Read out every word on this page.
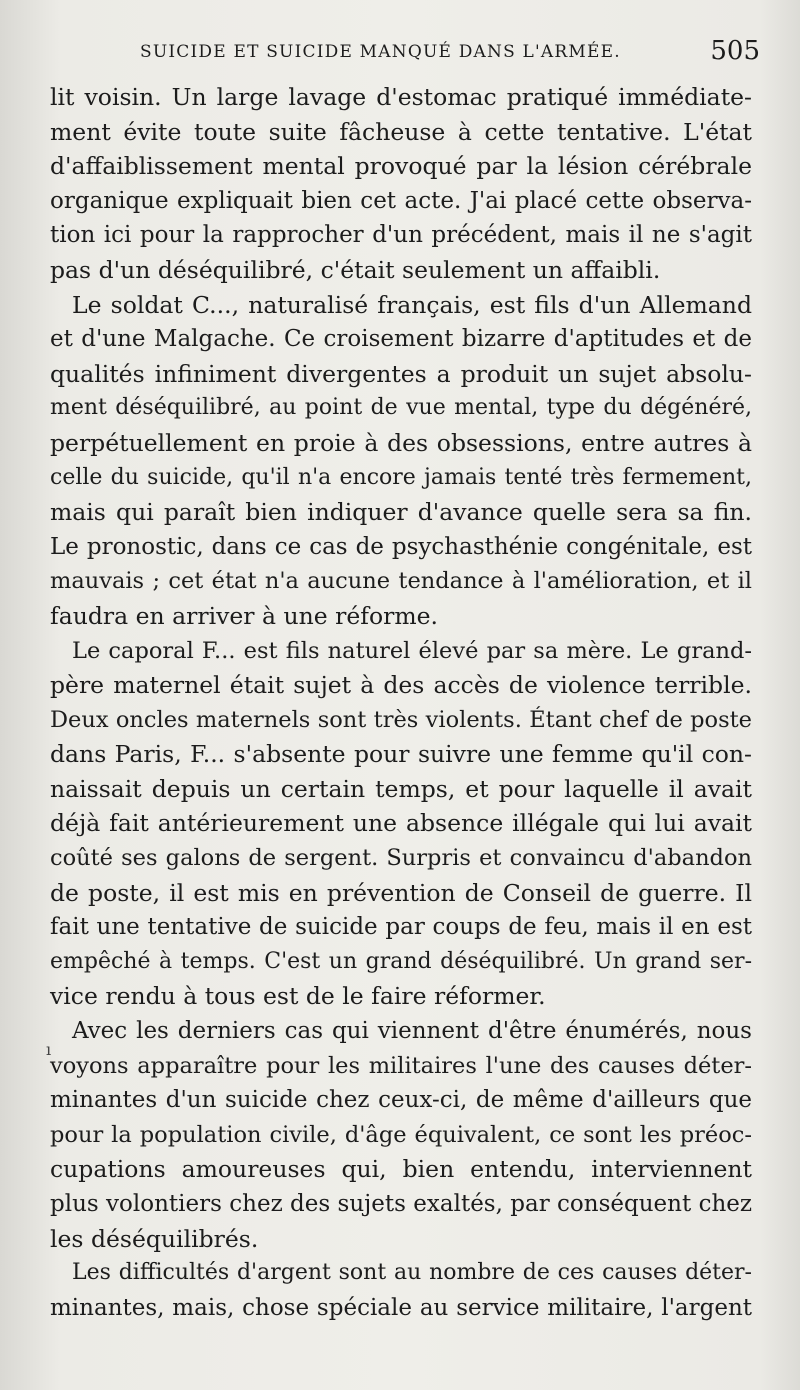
SUICIDE ET SUICIDE MANQUÉ DANS L'ARMÉE.	505
ı
lit voisin. Un large lavage d'estomac pratiqué immédiate-
ment évite toute suite fâcheuse à cette tentative. L'état
d'affaiblissement mental provoqué par la lésion cérébrale
organique expliquait bien cet acte. J'ai placé cette observa-
tion ici pour la rapprocher d'un précédent, mais il ne s'agit
pas d'un déséquilibré, c'était seulement un affaibli.
Le soldat C..., naturalisé français, est fils d'un Allemand
et d'une Malgache. Ce croisement bizarre d'aptitudes et de
qualités infiniment divergentes a produit un sujet absolu-
ment déséquilibré, au point de vue mental, type du dégénéré,
perpétuellement en proie à des obsessions, entre autres à
celle du suicide, qu'il n'a encore jamais tenté très fermement,
mais qui paraît bien indiquer d'avance quelle sera sa fin.
Le pronostic, dans ce cas de psychasthénie congénitale, est
mauvais ; cet état n'a aucune tendance à l'amélioration, et il
faudra en arriver à une réforme.
Le caporal F... est fils naturel élevé par sa mère. Le grand-
père maternel était sujet à des accès de violence terrible.
Deux oncles maternels sont très violents. Étant chef de poste
dans Paris, F... s'absente pour suivre une femme qu'il con-
naissait depuis un certain temps, et pour laquelle il avait
déjà fait antérieurement une absence illégale qui lui avait
coûté ses galons de sergent. Surpris et convaincu d'abandon
de poste, il est mis en prévention de Conseil de guerre. Il
fait une tentative de suicide par coups de feu, mais il en est
empêché à temps. C'est un grand déséquilibré. Un grand ser-
vice rendu à tous est de le faire réformer.
Avec les derniers cas qui viennent d'être énumérés, nous
voyons apparaître pour les militaires l'une des causes déter-
minantes d'un suicide chez ceux-ci, de même d'ailleurs que
pour la population civile, d'âge équivalent, ce sont les préoc-
cupations amoureuses qui, bien entendu, interviennent
plus volontiers chez des sujets exaltés, par conséquent chez
les déséquilibrés.
Les difficultés d'argent sont au nombre de ces causes déter-
minantes, mais, chose spéciale au service militaire, l'argent
